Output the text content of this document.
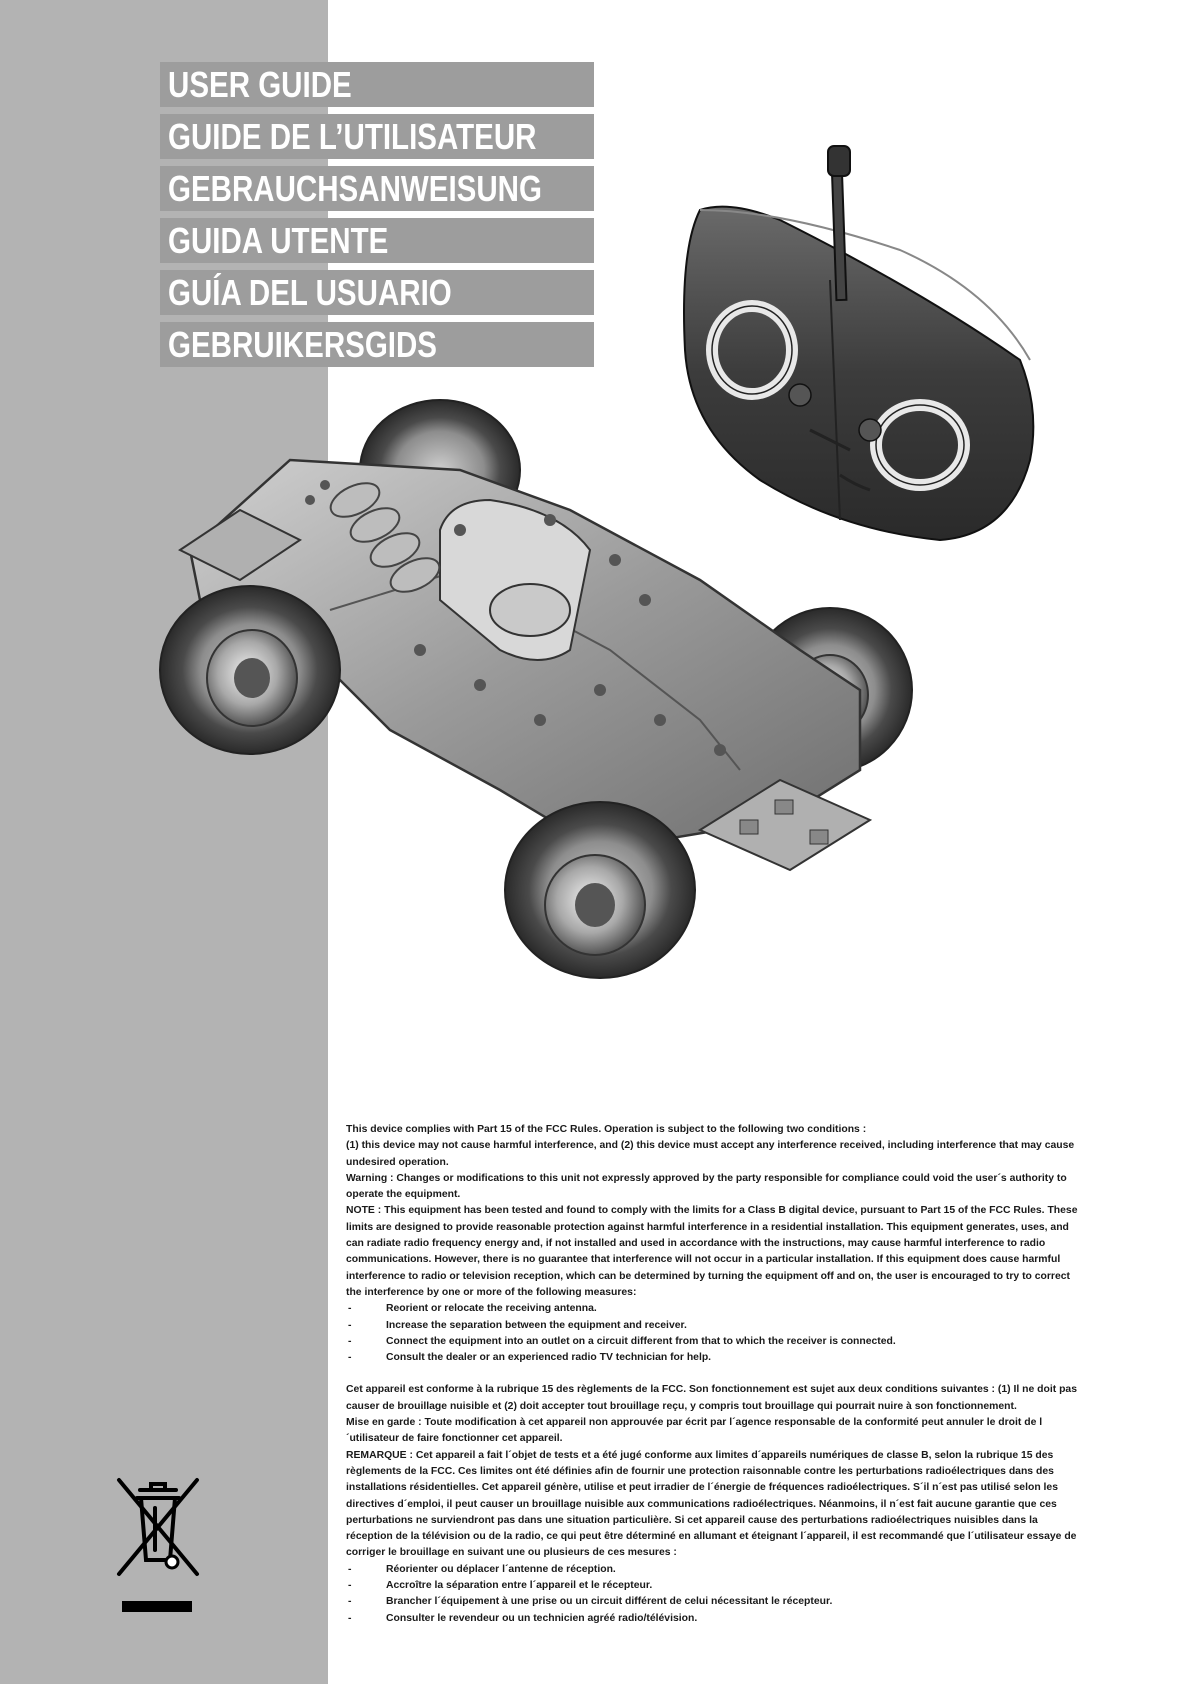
USER GUIDE
GUIDE DE L’UTILISATEUR
GEBRAUCHSANWEISUNG
GUIDA UTENTE
GUÍA DEL USUARIO
GEBRUIKERSGIDS

This device complies with Part 15 of the FCC Rules. Operation is subject to the following two conditions :

(1) this device may not cause harmful interference, and (2) this device must accept any interference received, including interference that may cause undesired operation.

Warning : Changes or modifications to this unit not expressly approved by the party responsible for compliance could void the user´s authority to operate the equipment.

NOTE : This equipment has been tested and found to comply with the limits for a Class B digital device, pursuant to Part 15 of the FCC Rules. These limits are designed to provide reasonable protection against harmful interference in a residential installation. This equipment generates, uses, and can radiate radio frequency energy and, if not installed and used in accordance with the instructions, may cause harmful interference to radio communications. However, there is no guarantee that interference will not occur in a particular installation. If this equipment does cause harmful interference to radio or television reception, which can be determined by turning the equipment off and on, the user is encouraged to try to correct the interference by one or more of the following measures:

-	Reorient or relocate the receiving antenna.
-	Increase the separation between the equipment and receiver.
-	Connect the equipment into an outlet on a circuit different from that to which the receiver is connected.
-	Consult the dealer or an experienced radio TV technician for help.

Cet appareil est conforme à la rubrique 15 des règlements de la FCC. Son fonctionnement est sujet aux deux conditions suivantes : (1) Il ne doit pas causer de brouillage nuisible et (2) doit accepter tout brouillage reçu, y compris tout brouillage qui pourrait nuire à son fonctionnement.

Mise en garde : Toute modification à cet appareil non approuvée par écrit par l´agence responsable de la conformité peut annuler le droit de l´utilisateur de faire fonctionner cet appareil.

REMARQUE : Cet appareil a fait l´objet de tests et a été jugé conforme aux limites d´appareils numériques de classe B, selon la rubrique 15 des règlements de la FCC. Ces limites ont été définies afin de fournir une protection raisonnable contre les perturbations radioélectriques dans des installations résidentielles. Cet appareil génère, utilise et peut irradier de l´énergie de fréquences radioélectriques. S´il n´est pas utilisé selon les directives d´emploi, il peut causer un brouillage nuisible aux communications radioélectriques. Néanmoins, il n´est fait aucune garantie que ces perturbations ne surviendront pas dans une situation particulière. Si cet appareil cause des perturbations radioélectriques nuisibles dans la réception de la télévision ou de la radio, ce qui peut être déterminé en allumant et éteignant l´appareil, il est recommandé que l´utilisateur essaye de corriger le brouillage en suivant une ou plusieurs de ces mesures :

-	Réorienter ou déplacer l´antenne de réception.
-	Accroître la séparation entre l´appareil et le récepteur.
-	Brancher l´équipement à une prise ou un circuit différent de celui nécessitant le récepteur.
-	Consulter le revendeur ou un technicien agréé radio/télévision.
